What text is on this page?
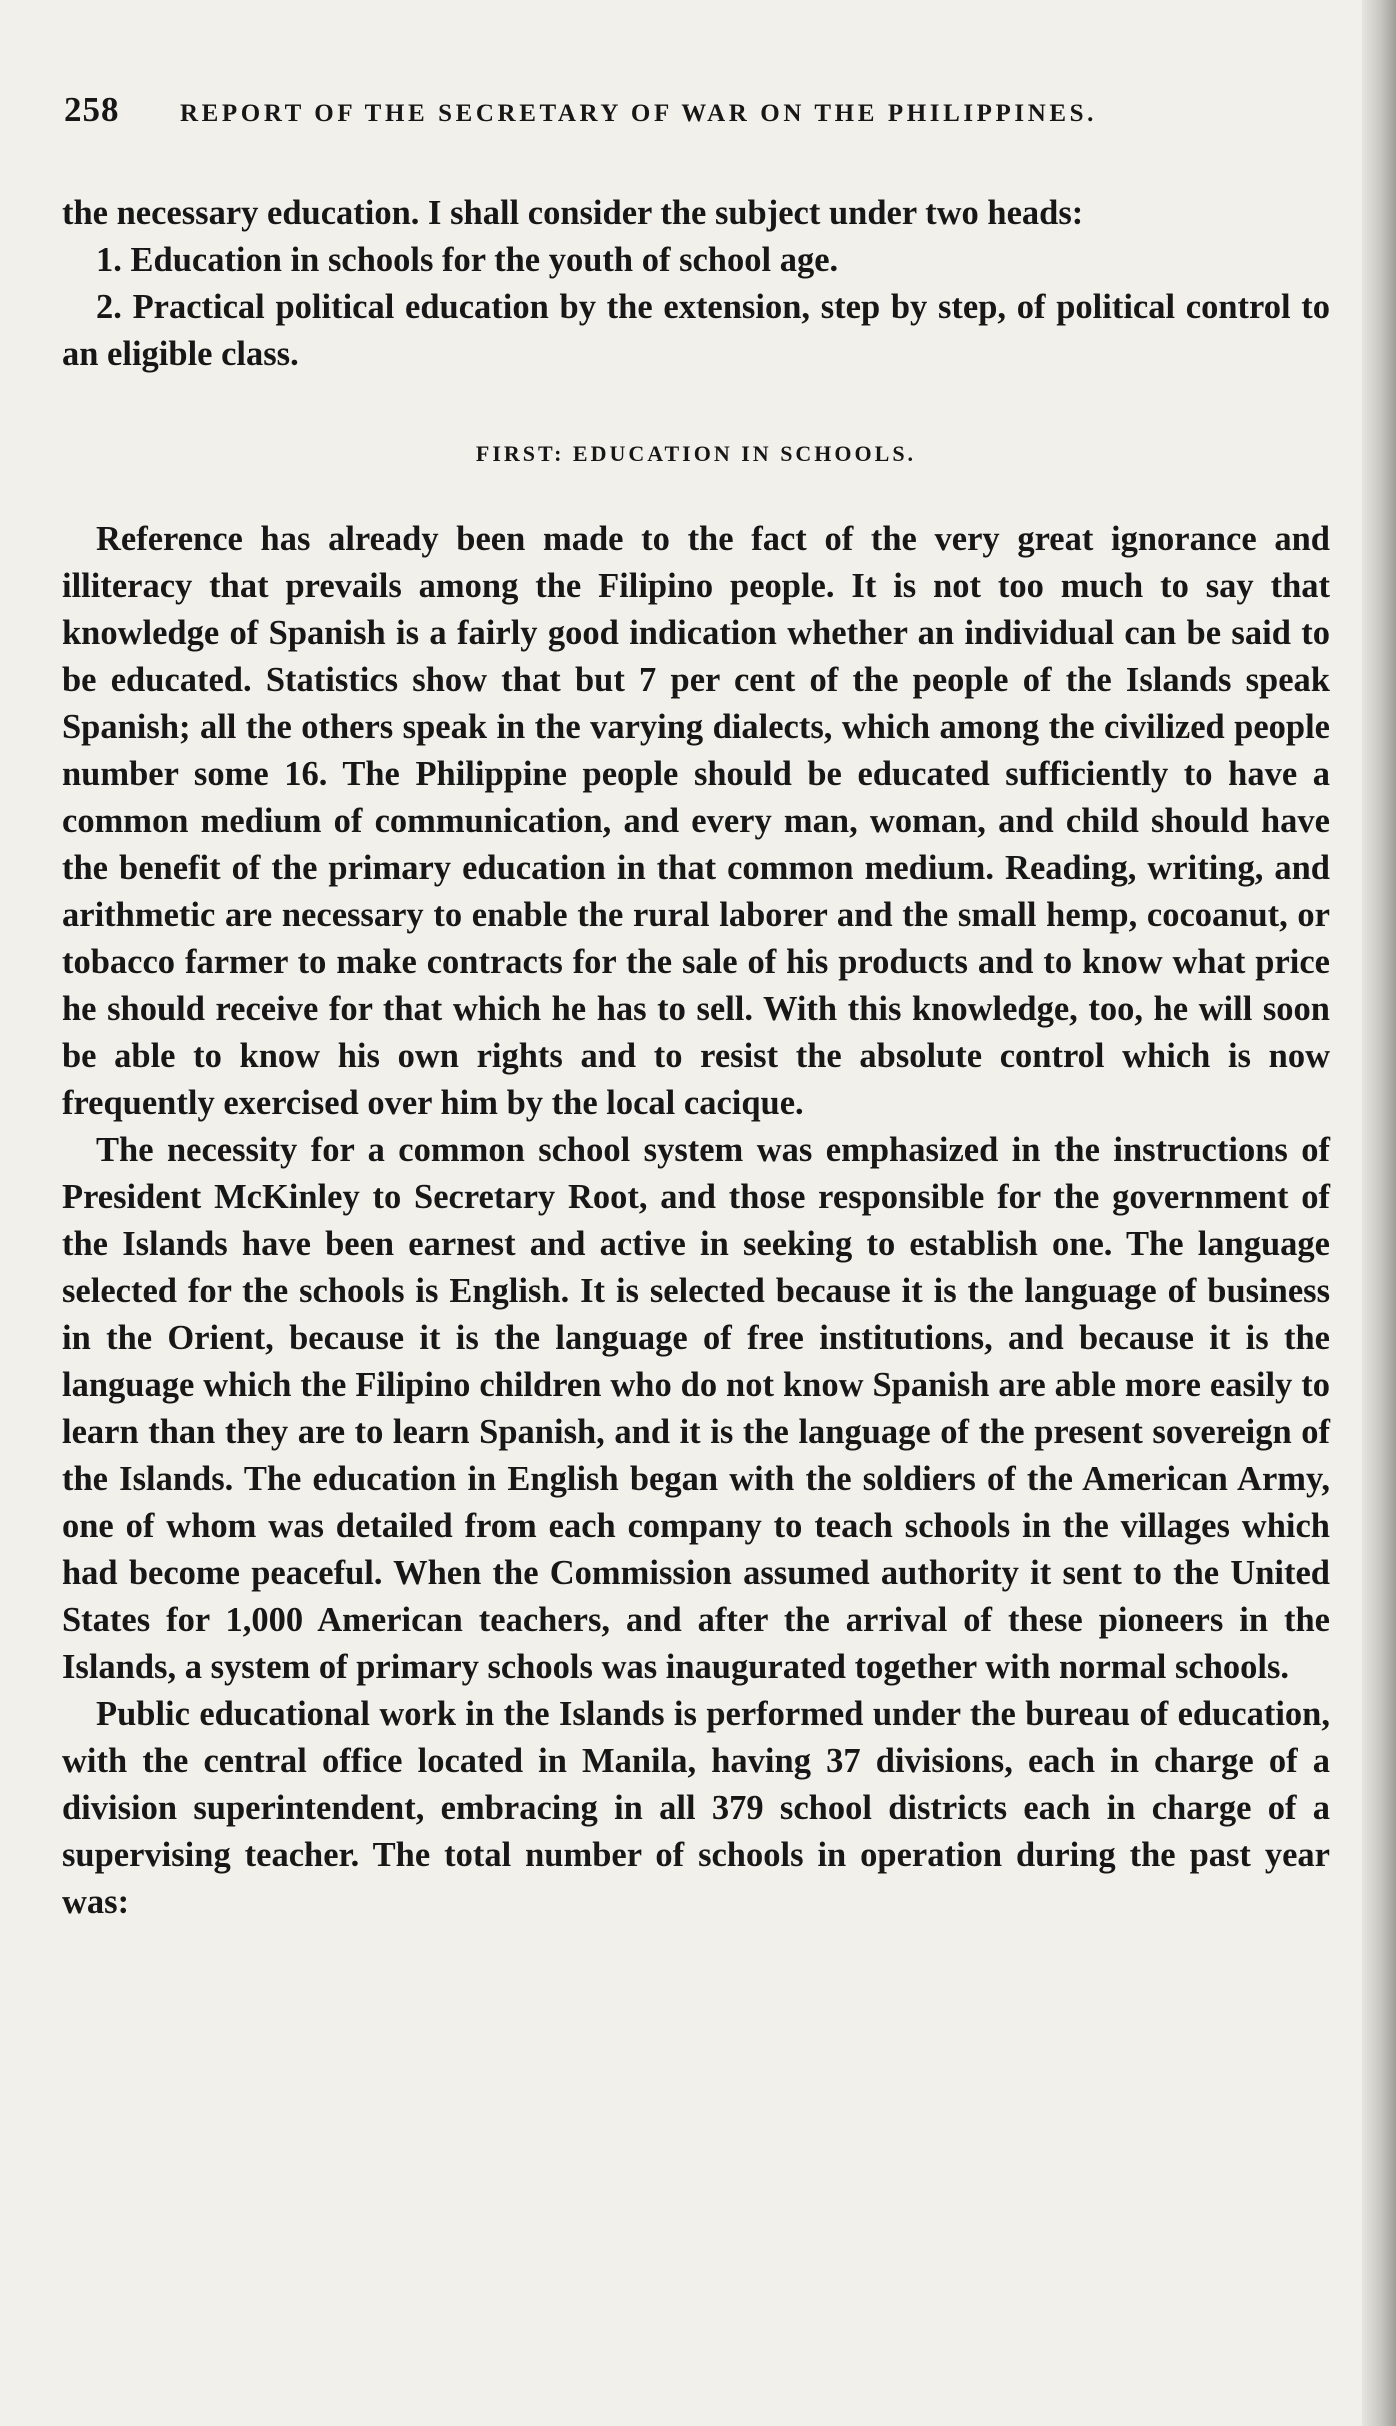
258	REPORT OF THE SECRETARY OF WAR ON THE PHILIPPINES.

the necessary education. I shall consider the subject under two heads:

1. Education in schools for the youth of school age.

2. Practical political education by the extension, step by step, of political control to an eligible class.

FIRST: EDUCATION IN SCHOOLS.

Reference has already been made to the fact of the very great ignorance and illiteracy that prevails among the Filipino people. It is not too much to say that knowledge of Spanish is a fairly good indication whether an individual can be said to be educated. Statistics show that but 7 per cent of the people of the Islands speak Spanish; all the others speak in the varying dialects, which among the civilized people number some 16. The Philippine people should be educated sufficiently to have a common medium of communication, and every man, woman, and child should have the benefit of the primary education in that common medium. Reading, writing, and arithmetic are necessary to enable the rural laborer and the small hemp, cocoanut, or tobacco farmer to make contracts for the sale of his products and to know what price he should receive for that which he has to sell. With this knowledge, too, he will soon be able to know his own rights and to resist the absolute control which is now frequently exercised over him by the local cacique.

The necessity for a common school system was emphasized in the instructions of President McKinley to Secretary Root, and those responsible for the government of the Islands have been earnest and active in seeking to establish one. The language selected for the schools is English. It is selected because it is the language of business in the Orient, because it is the language of free institutions, and because it is the language which the Filipino children who do not know Spanish are able more easily to learn than they are to learn Spanish, and it is the language of the present sovereign of the Islands. The education in English began with the soldiers of the American Army, one of whom was detailed from each company to teach schools in the villages which had become peaceful. When the Commission assumed authority it sent to the United States for 1,000 American teachers, and after the arrival of these pioneers in the Islands, a system of primary schools was inaugurated together with normal schools.

Public educational work in the Islands is performed under the bureau of education, with the central office located in Manila, having 37 divisions, each in charge of a division superintendent, embracing in all 379 school districts each in charge of a supervising teacher. The total number of schools in operation during the past year was:
